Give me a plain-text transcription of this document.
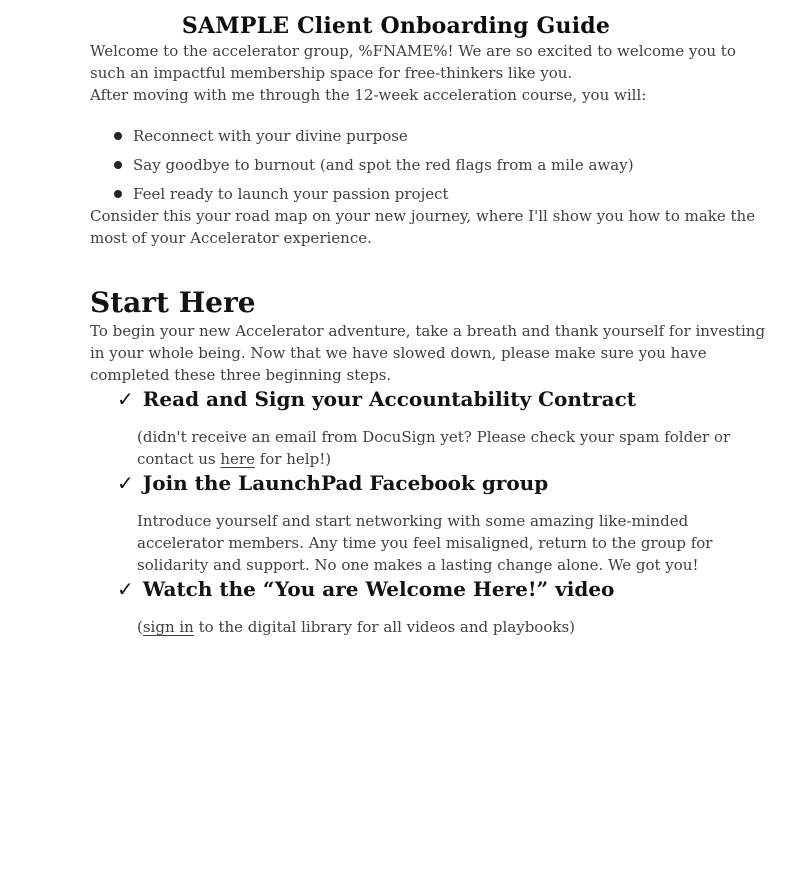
SAMPLE Client Onboarding Guide

Welcome to the accelerator group, %FNAME%! We are so excited to welcome you to
such an impactful membership space for free-thinkers like you.

After moving with me through the 12-week acceleration course, you will:

Reconnect with your divine purpose
Say goodbye to burnout (and spot the red flags from a mile away)
Feel ready to launch your passion project

Consider this your road map on your new journey, where I'll show you how to make the
most of your Accelerator experience.

Start Here

To begin your new Accelerator adventure, take a breath and thank yourself for investing
in your whole being. Now that we have slowed down, please make sure you have
completed these three beginning steps.

✓ Read and Sign your Accountability Contract

(didn't receive an email from DocuSign yet? Please check your spam folder or
contact us here for help!)

✓ Join the LaunchPad Facebook group

Introduce yourself and start networking with some amazing like-minded
accelerator members. Any time you feel misaligned, return to the group for
solidarity and support. No one makes a lasting change alone. We got you!

✓ Watch the “You are Welcome Here!” video

(sign in to the digital library for all videos and playbooks)
